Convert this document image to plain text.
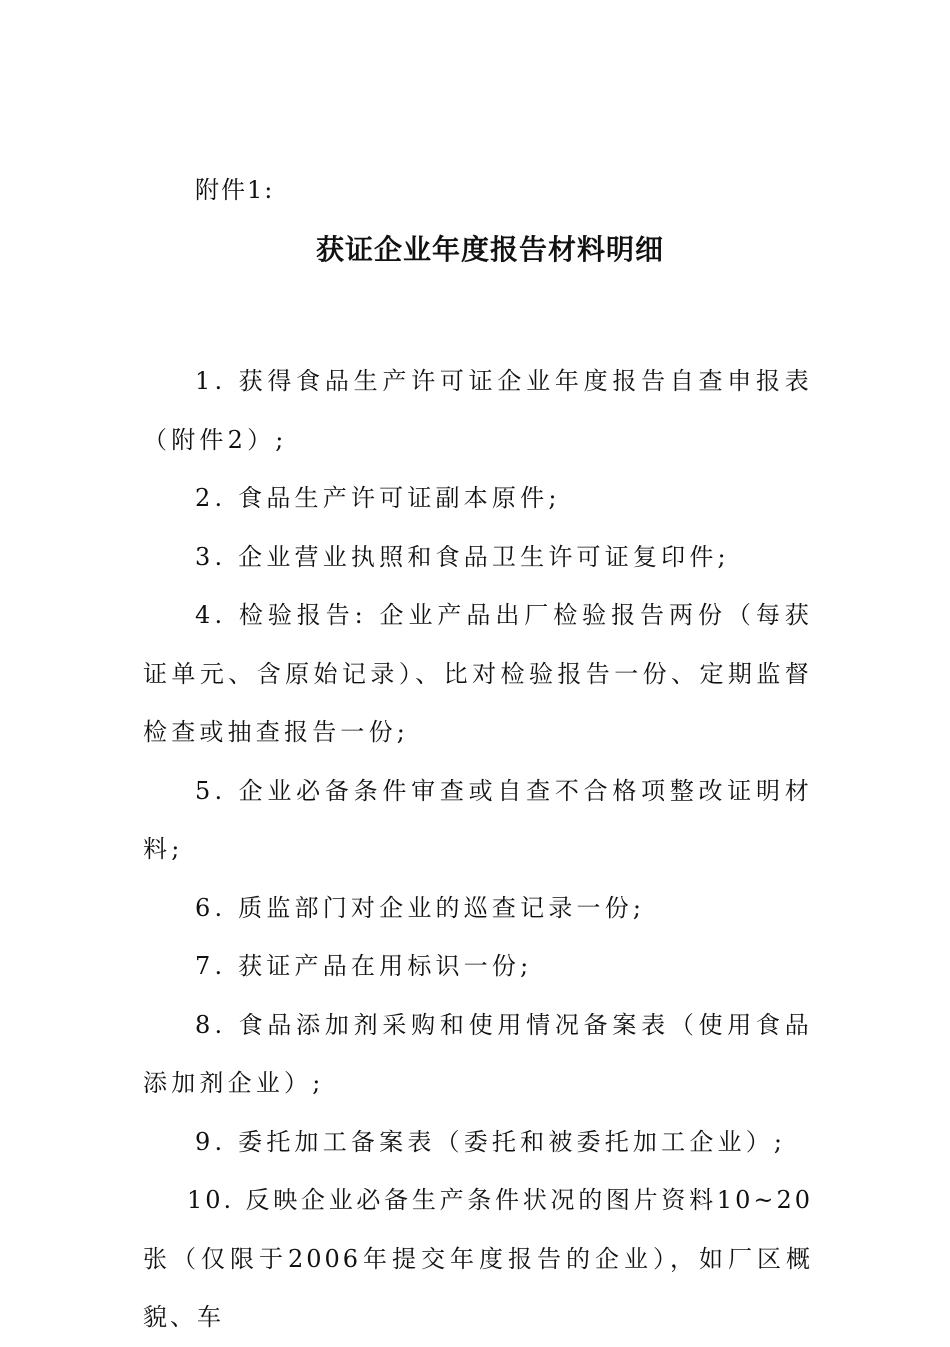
附件1:
获证企业年度报告材料明细

1. 获得食品生产许可证企业年度报告自查申报表（附件2）;

2. 食品生产许可证副本原件;

3. 企业营业执照和食品卫生许可证复印件;

4. 检验报告: 企业产品出厂检验报告两份（每获证单元、含原始记录）、比对检验报告一份、定期监督检查或抽查报告一份;

5. 企业必备条件审查或自查不合格项整改证明材料;

6. 质监部门对企业的巡查记录一份;

7. 获证产品在用标识一份;

8. 食品添加剂采购和使用情况备案表（使用食品添加剂企业）;

9. 委托加工备案表（委托和被委托加工企业）;

10. 反映企业必备生产条件状况的图片资料10~20张（仅限于2006年提交年度报告的企业），如厂区概貌、车
